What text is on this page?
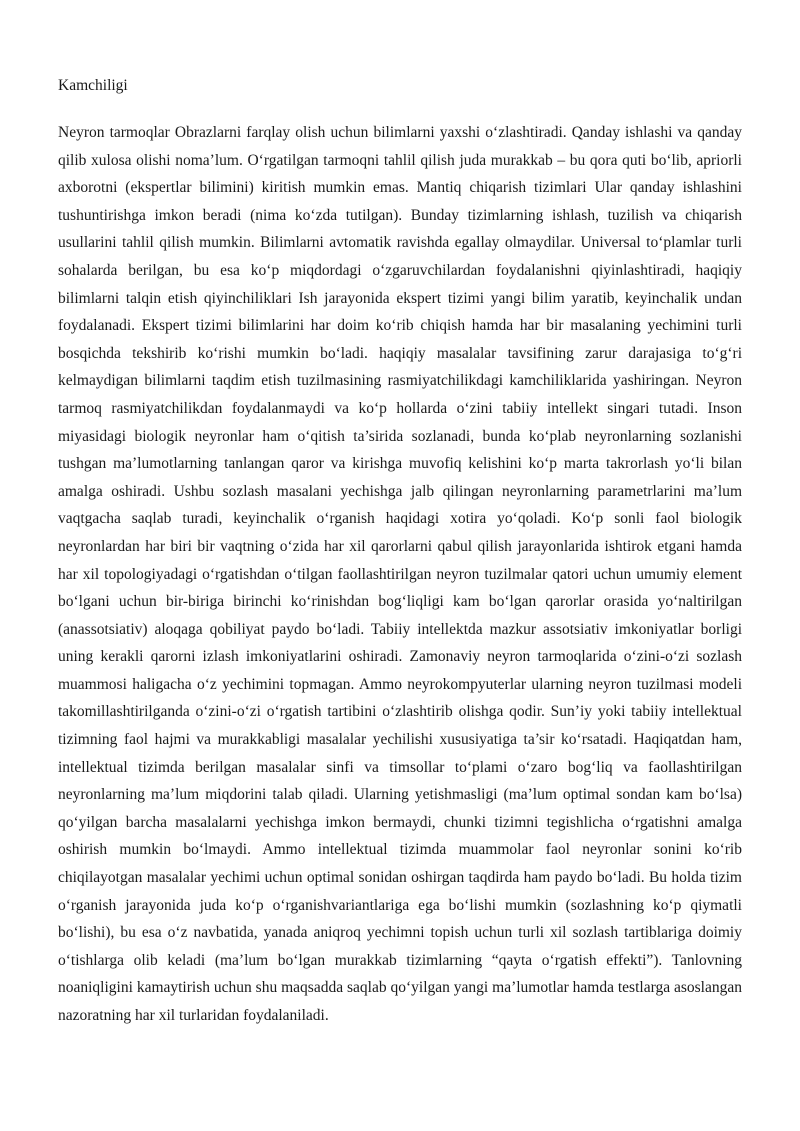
Kamchiligi

Neyron tarmoqlar Obrazlarni farqlay olish uchun bilimlarni yaxshi o‘zlashtiradi. Qanday ishlashi va qanday qilib xulosa olishi noma’lum. O‘rgatilgan tarmoqni tahlil qilish juda murakkab – bu qora quti bo‘lib, apriorli axborotni (ekspertlar bilimini) kiritish mumkin emas. Mantiq chiqarish tizimlari Ular qanday ishlashini tushuntirishga imkon beradi (nima ko‘zda tutilgan). Bunday tizimlarning ishlash, tuzilish va chiqarish usullarini tahlil qilish mumkin. Bilimlarni avtomatik ravishda egallay olmaydilar. Universal to‘plamlar turli sohalarda berilgan, bu esa ko‘p miqdordagi o‘zgaruvchilardan foydalanishni qiyinlashtiradi, haqiqiy bilimlarni talqin etish qiyinchiliklari Ish jarayonida ekspert tizimi yangi bilim yaratib, keyinchalik undan foydalanadi. Ekspert tizimi bilimlarini har doim ko‘rib chiqish hamda har bir masalaning yechimini turli bosqichda tekshirib ko‘rishi mumkin bo‘ladi. haqiqiy masalalar tavsifining zarur darajasiga to‘g‘ri kelmaydigan bilimlarni taqdim etish tuzilmasining rasmiyatchilikdagi kamchiliklarida yashiringan. Neyron tarmoq rasmiyatchilikdan foydalanmaydi va ko‘p hollarda o‘zini tabiiy intellekt singari tutadi. Inson miyasidagi biologik neyronlar ham o‘qitish ta’sirida sozlanadi, bunda ko‘plab neyronlarning sozlanishi tushgan ma’lumotlarning tanlangan qaror va kirishga muvofiq kelishini ko‘p marta takrorlash yo‘li bilan amalga oshiradi. Ushbu sozlash masalani yechishga jalb qilingan neyronlarning parametrlarini ma’lum vaqtgacha saqlab turadi, keyinchalik o‘rganish haqidagi xotira yo‘qoladi. Ko‘p sonli faol biologik neyronlardan har biri bir vaqtning o‘zida har xil qarorlarni qabul qilish jarayonlarida ishtirok etgani hamda har xil topologiyadagi o‘rgatishdan o‘tilgan faollashtirilgan neyron tuzilmalar qatori uchun umumiy element bo‘lgani uchun bir-biriga birinchi ko‘rinishdan bog‘liqligi kam bo‘lgan qarorlar orasida yo‘naltirilgan (anassotsiativ) aloqaga qobiliyat paydo bo‘ladi. Tabiiy intellektda mazkur assotsiativ imkoniyatlar borligi uning kerakli qarorni izlash imkoniyatlarini oshiradi. Zamonaviy neyron tarmoqlarida o‘zini-o‘zi sozlash muammosi haligacha o‘z yechimini topmagan. Ammo neyrokompyuterlar ularning neyron tuzilmasi modeli takomillashtirilganda o‘zini-o‘zi o‘rgatish tartibini o‘zlashtirib olishga qodir. Sun’iy yoki tabiiy intellektual tizimning faol hajmi va murakkabligi masalalar yechilishi xususiyatiga ta’sir ko‘rsatadi. Haqiqatdan ham, intellektual tizimda berilgan masalalar sinfi va timsollar to‘plami o‘zaro bog‘liq va faollashtirilgan neyronlarning ma’lum miqdorini talab qiladi. Ularning yetishmasligi (ma’lum optimal sondan kam bo‘lsa) qo‘yilgan barcha masalalarni yechishga imkon bermaydi, chunki tizimni tegishlicha o‘rgatishni amalga oshirish mumkin bo‘lmaydi. Ammo intellektual tizimda muammolar faol neyronlar sonini ko‘rib chiqilayotgan masalalar yechimi uchun optimal sonidan oshirgan taqdirda ham paydo bo‘ladi. Bu holda tizim o‘rganish jarayonida juda ko‘p o‘rganishvariantlariga ega bo‘lishi mumkin (sozlashning ko‘p qiymatli bo‘lishi), bu esa o‘z navbatida, yanada aniqroq yechimni topish uchun turli xil sozlash tartiblariga doimiy o‘tishlarga olib keladi (ma’lum bo‘lgan murakkab tizimlarning “qayta o‘rgatish effekti”). Tanlovning noaniqligini kamaytirish uchun shu maqsadda saqlab qo‘yilgan yangi ma’lumotlar hamda testlarga asoslangan nazoratning har xil turlaridan foydalaniladi.
